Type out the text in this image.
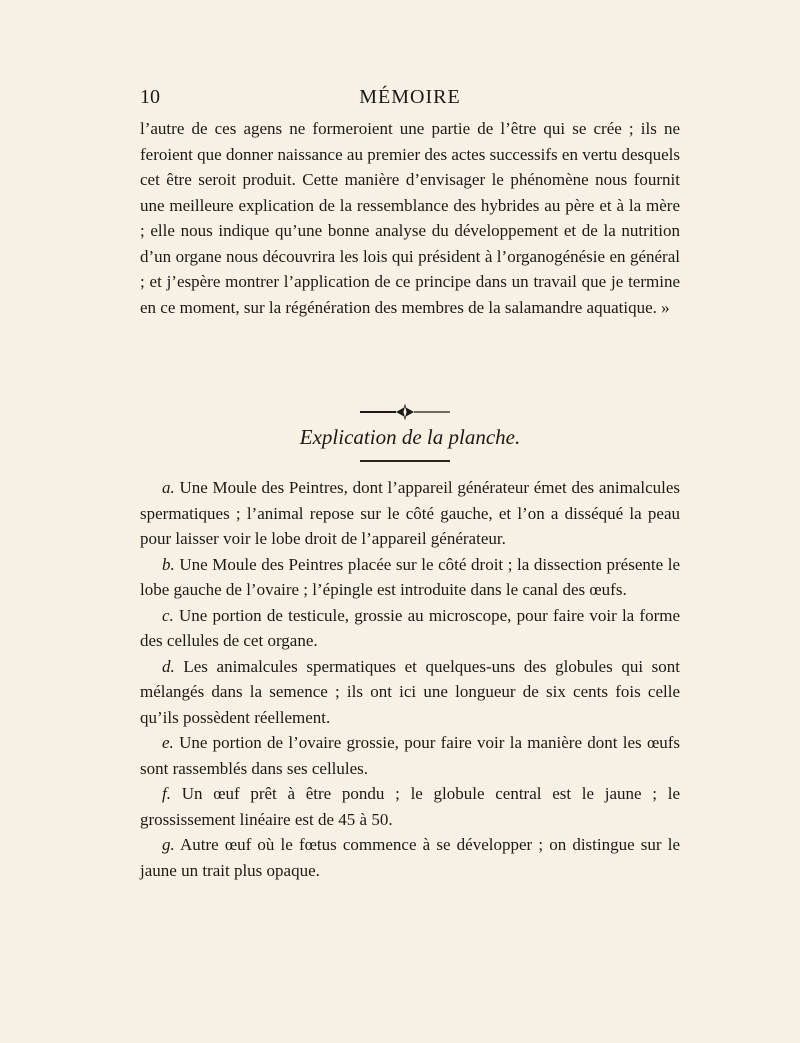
10	MÉMOIRE

l’autre de ces agens ne formeroient une partie de l’être qui se crée ; ils ne feroient que donner naissance au premier des actes successifs en vertu desquels cet être seroit produit. Cette manière d’envisager le phénomène nous fournit une meilleure explication de la ressemblance des hybrides au père et à la mère ; elle nous indique qu’une bonne analyse du développement et de la nutrition d’un organe nous découvrira les lois qui président à l’organogénésie en général ; et j’espère montrer l’application de ce principe dans un travail que je termine en ce moment, sur la régénération des membres de la salamandre aquatique. »

Explication de la planche.

a. Une Moule des Peintres, dont l’appareil générateur émet des animalcules spermatiques ; l’animal repose sur le côté gauche, et l’on a disséqué la peau pour laisser voir le lobe droit de l’appareil générateur.

b. Une Moule des Peintres placée sur le côté droit ; la dissection présente le lobe gauche de l’ovaire ; l’épingle est introduite dans le canal des œufs.

c. Une portion de testicule, grossie au microscope, pour faire voir la forme des cellules de cet organe.

d. Les animalcules spermatiques et quelques-uns des globules qui sont mélangés dans la semence ; ils ont ici une longueur de six cents fois celle qu’ils possèdent réellement.

e. Une portion de l’ovaire grossie, pour faire voir la manière dont les œufs sont rassemblés dans ses cellules.

f. Un œuf prêt à être pondu ; le globule central est le jaune ; le grossissement linéaire est de 45 à 50.

g. Autre œuf où le fœtus commence à se développer ; on distingue sur le jaune un trait plus opaque.
